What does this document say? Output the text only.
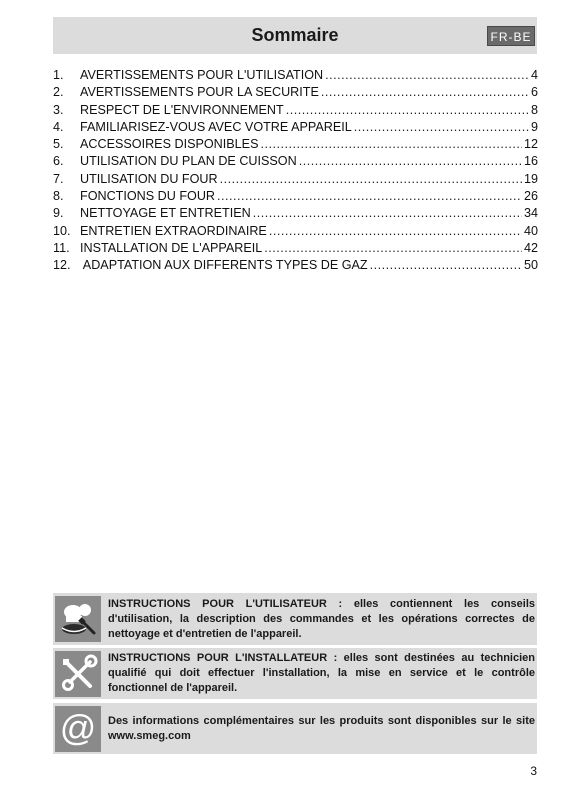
Sommaire	FR-BE
1.	AVERTISSEMENTS POUR L'UTILISATION .....	4
2.	AVERTISSEMENTS POUR LA SECURITE .....	6
3.	RESPECT DE L'ENVIRONNEMENT .....	8
4.	FAMILIARISEZ-VOUS AVEC VOTRE APPAREIL .....	9
5.	ACCESSOIRES DISPONIBLES .....	12
6.	UTILISATION DU PLAN DE CUISSON .....	16
7.	UTILISATION DU FOUR .....	19
8.	FONCTIONS DU FOUR .....	26
9.	NETTOYAGE ET ENTRETIEN .....	34
10. ENTRETIEN EXTRAORDINAIRE .....	40
11. INSTALLATION DE L'APPAREIL .....	42
12. ADAPTATION AUX DIFFERENTS TYPES DE GAZ .....	50
INSTRUCTIONS POUR L'UTILISATEUR : elles contiennent les conseils d'utilisation, la description des commandes et les opérations correctes de nettoyage et d'entretien de l'appareil.
INSTRUCTIONS POUR L'INSTALLATEUR : elles sont destinées au technicien qualifié qui doit effectuer l'installation, la mise en service et le contrôle fonctionnel de l'appareil.
@ Des informations complémentaires sur les produits sont disponibles sur le site www.smeg.com
3
